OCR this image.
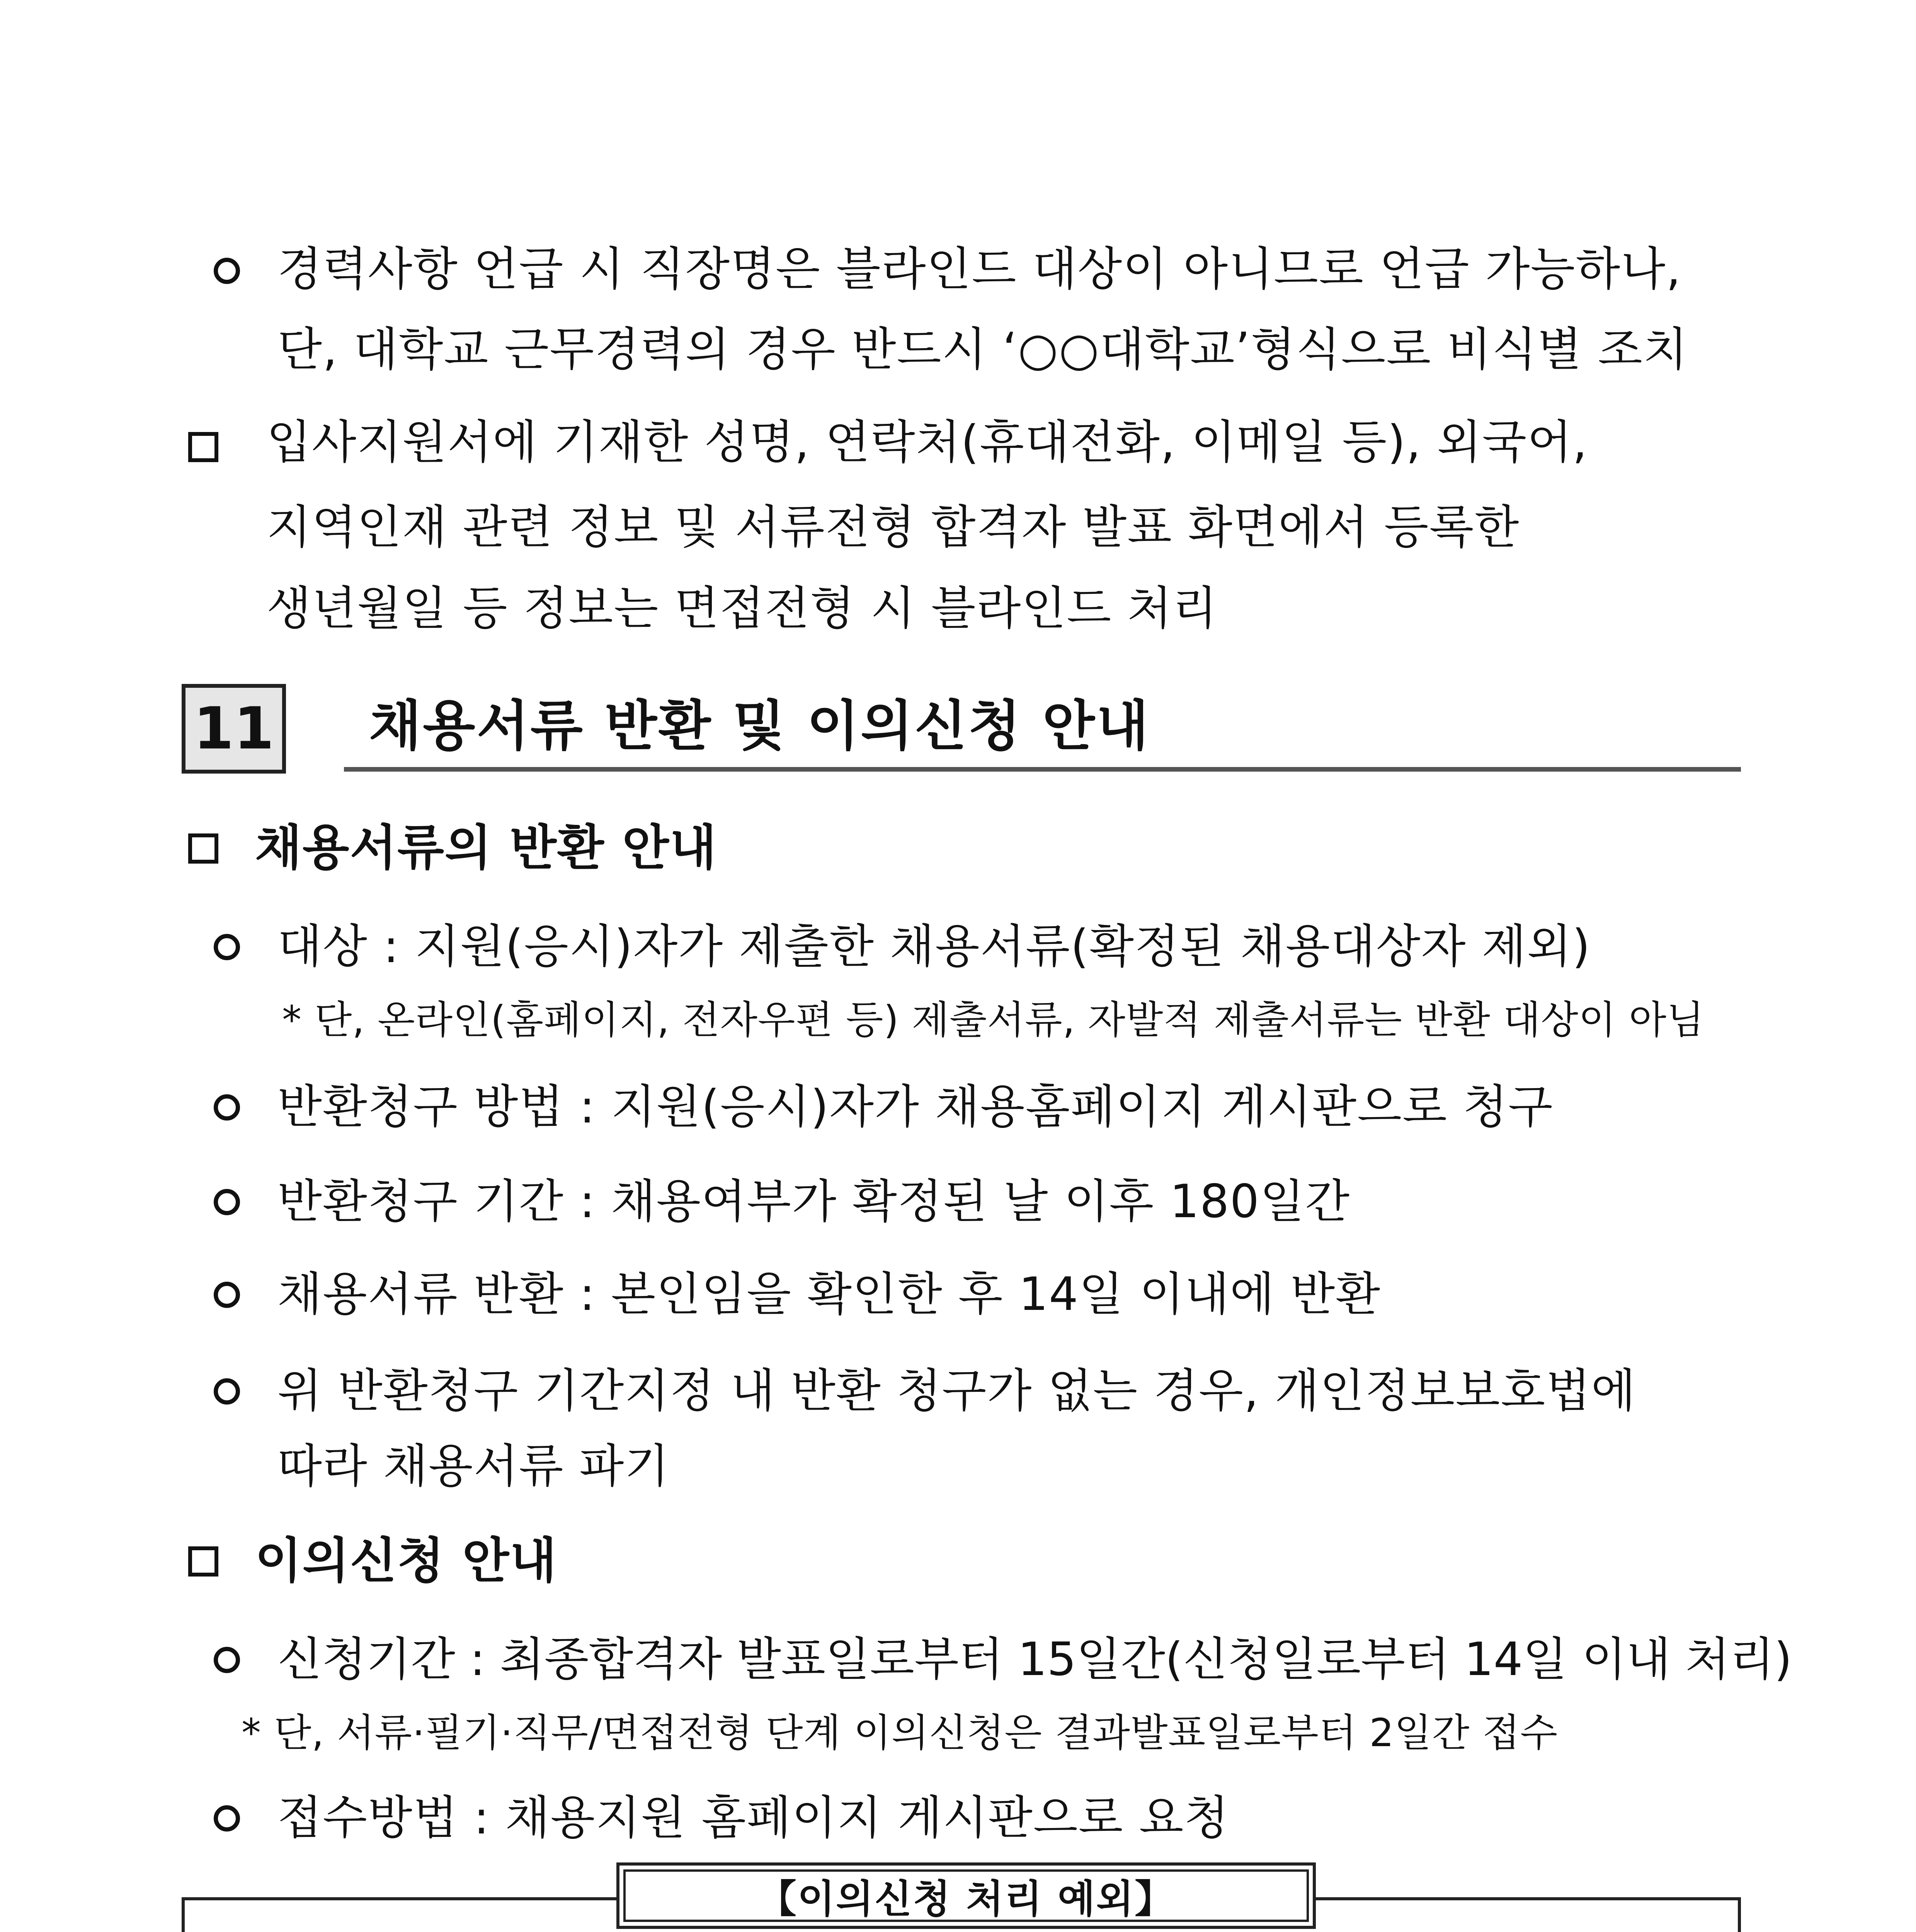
경력사항 언급 시 직장명은 블라인드 대상이 아니므로 언급 가능하나,
단, 대학교 근무경력의 경우 반드시 ‘○○대학교’형식으로 비식별 조치
입사지원서에 기재한 성명, 연락처(휴대전화, 이메일 등), 외국어,
지역인재 관련 정보 및 서류전형 합격자 발표 화면에서 등록한
생년월일 등 정보는 면접전형 시 블라인드 처리
11 채용서류 반환 및 이의신청 안내
채용서류의 반환 안내
대상 : 지원(응시)자가 제출한 채용서류(확정된 채용대상자 제외)
* 단, 온라인(홈페이지, 전자우편 등) 제출서류, 자발적 제출서류는 반환 대상이 아님
반환청구 방법 : 지원(응시)자가 채용홈페이지 게시판으로 청구
반환청구 기간 : 채용여부가 확정된 날 이후 180일간
채용서류 반환 : 본인임을 확인한 후 14일 이내에 반환
위 반환청구 기간지정 내 반환 청구가 없는 경우, 개인정보보호법에
따라 채용서류 파기
이의신청 안내
신청기간 : 최종합격자 발표일로부터 15일간(신청일로부터 14일 이내 처리)
* 단, 서류·필기·직무/면접전형 단계 이의신청은 결과발표일로부터 2일간 접수
접수방법 : 채용지원 홈페이지 게시판으로 요청
【이의신청 처리 예외】
